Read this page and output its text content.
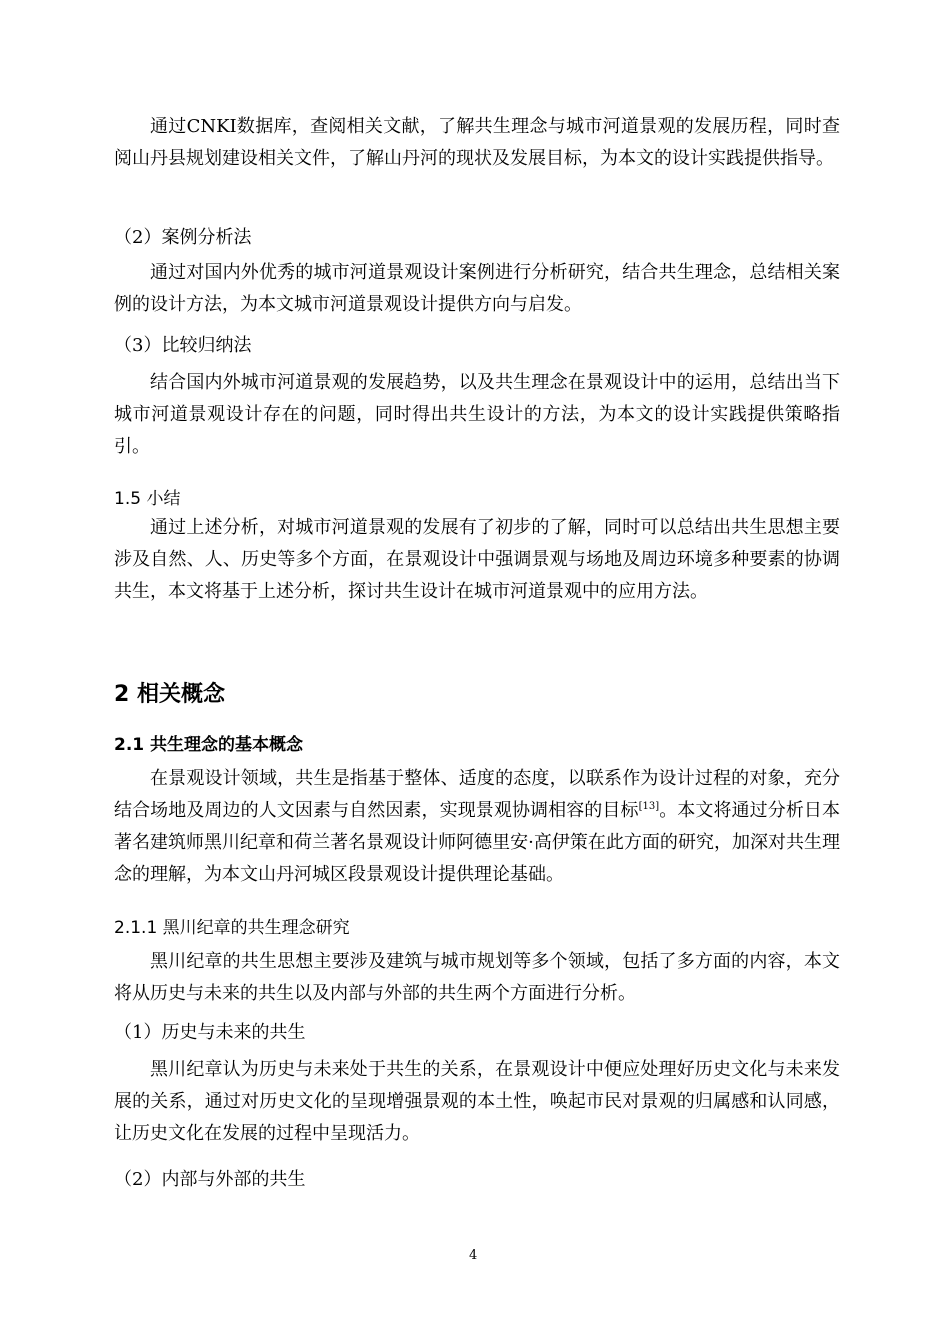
通过CNKI数据库，查阅相关文献，了解共生理念与城市河道景观的发展历程，同时查阅山丹县规划建设相关文件，了解山丹河的现状及发展目标，为本文的设计实践提供指导。

（2）案例分析法

通过对国内外优秀的城市河道景观设计案例进行分析研究，结合共生理念，总结相关案例的设计方法，为本文城市河道景观设计提供方向与启发。

（3）比较归纳法

结合国内外城市河道景观的发展趋势，以及共生理念在景观设计中的运用，总结出当下城市河道景观设计存在的问题，同时得出共生设计的方法，为本文的设计实践提供策略指引。

1.5 小结

通过上述分析，对城市河道景观的发展有了初步的了解，同时可以总结出共生思想主要涉及自然、人、历史等多个方面，在景观设计中强调景观与场地及周边环境多种要素的协调共生，本文将基于上述分析，探讨共生设计在城市河道景观中的应用方法。

2 相关概念
2.1 共生理念的基本概念

在景观设计领域，共生是指基于整体、适度的态度，以联系作为设计过程的对象，充分结合场地及周边的人文因素与自然因素，实现景观协调相容的目标[13]。本文将通过分析日本著名建筑师黑川纪章和荷兰著名景观设计师阿德里安·高伊策在此方面的研究，加深对共生理念的理解，为本文山丹河城区段景观设计提供理论基础。

2.1.1 黑川纪章的共生理念研究

黑川纪章的共生思想主要涉及建筑与城市规划等多个领域，包括了多方面的内容，本文将从历史与未来的共生以及内部与外部的共生两个方面进行分析。

（1）历史与未来的共生

黑川纪章认为历史与未来处于共生的关系，在景观设计中便应处理好历史文化与未来发展的关系，通过对历史文化的呈现增强景观的本土性，唤起市民对景观的归属感和认同感，让历史文化在发展的过程中呈现活力。

（2）内部与外部的共生
4
